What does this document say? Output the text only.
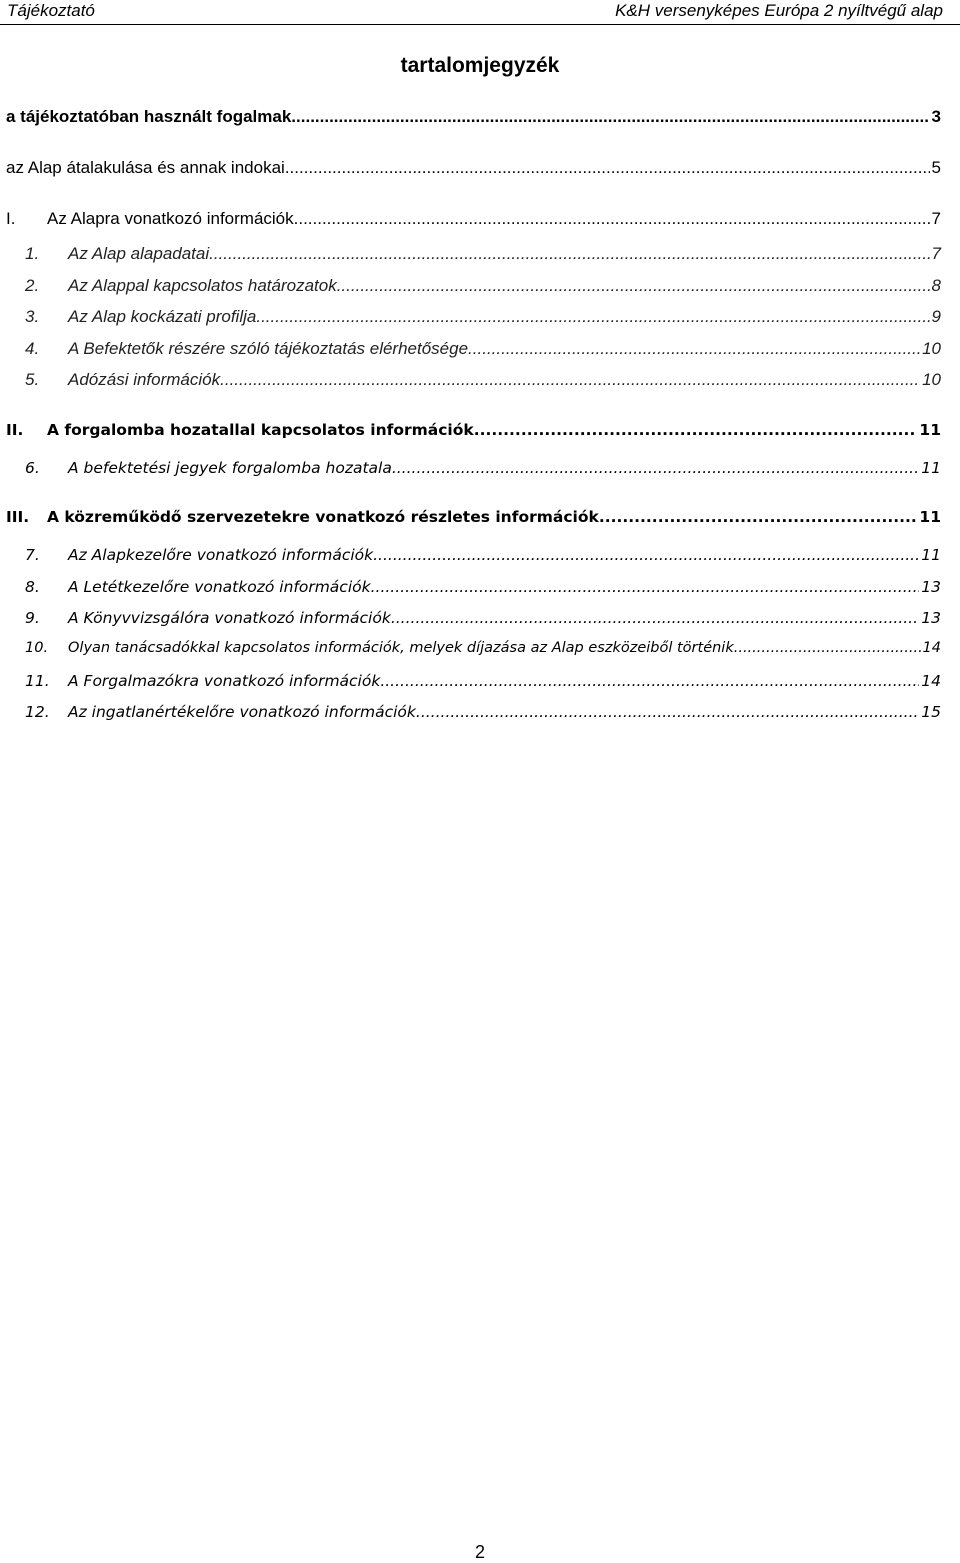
Tájékoztató	K&H versenyképes Európa 2 nyíltvégű alap
tartalomjegyzék
a tájékoztatóban használt fogalmak .....	3
az Alap átalakulása és annak indokai .....	5
I.	Az Alapra vonatkozó információk .....	7
1.	Az Alap alapadatai .....	7
2.	Az Alappal kapcsolatos határozatok .....	8
3.	Az Alap kockázati profilja .....	9
4.	A Befektetők részére szóló tájékoztatás elérhetősége .....	10
5.	Adózási információk .....	10
II.	A forgalomba hozatallal kapcsolatos információk .....	11
6.	A befektetési jegyek forgalomba hozatala .....	11
III.	A közreműködő szervezetekre vonatkozó részletes információk .....	11
7.	Az Alapkezelőre vonatkozó információk .....	11
8.	A Letétkezelőre vonatkozó információk .....	13
9.	A Könyvvizsgálóra vonatkozó információk .....	13
10.	Olyan tanácsadókkal kapcsolatos információk, melyek díjazása az Alap eszközeiből történik .....	14
11.	A Forgalmazókra vonatkozó információk .....	14
12.	Az ingatlanértékelőre vonatkozó információk .....	15
2
